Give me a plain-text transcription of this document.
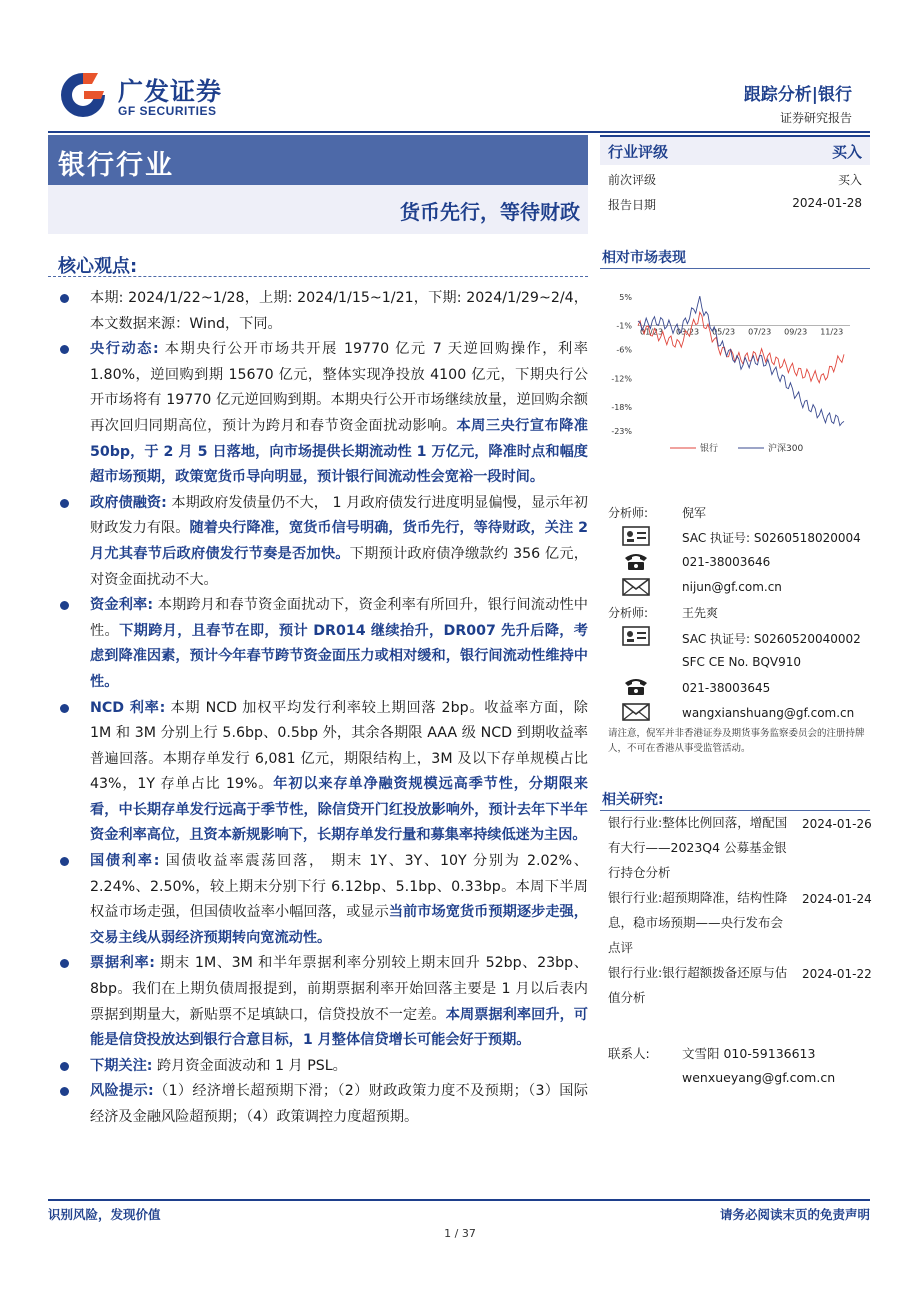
广发证券
GF SECURITIES
跟踪分析|银行
证券研究报告
银行行业
货币先行，等待财政
核心观点:
本期: 2024/1/22~1/28，上期: 2024/1/15~1/21，下期: 2024/1/29~2/4，本文数据来源：Wind，下同。
央行动态: 本期央行公开市场共开展 19770 亿元 7 天逆回购操作，利率 1.80%，逆回购到期 15670 亿元，整体实现净投放 4100 亿元，下期央行公开市场将有 19770 亿元逆回购到期。本期央行公开市场继续放量，逆回购余额再次回归同期高位，预计为跨月和春节资金面扰动影响。本周三央行宣布降准 50bp，于 2 月 5 日落地，向市场提供长期流动性 1 万亿元，降准时点和幅度超市场预期，政策宽货币导向明显，预计银行间流动性会宽裕一段时间。
政府债融资: 本期政府发债量仍不大， 1 月政府债发行进度明显偏慢，显示年初财政发力有限。随着央行降准，宽货币信号明确，货币先行，等待财政，关注 2 月尤其春节后政府债发行节奏是否加快。下期预计政府债净缴款约 356 亿元，对资金面扰动不大。
资金利率: 本期跨月和春节资金面扰动下，资金利率有所回升，银行间流动性中性。下期跨月，且春节在即，预计 DR014 继续抬升，DR007 先升后降，考虑到降准因素，预计今年春节跨节资金面压力或相对缓和，银行间流动性维持中性。
NCD 利率: 本期 NCD 加权平均发行利率较上期回落 2bp。收益率方面，除 1M 和 3M 分别上行 5.6bp、0.5bp 外，其余各期限 AAA 级 NCD 到期收益率普遍回落。本期存单发行 6,081 亿元，期限结构上，3M 及以下存单规模占比 43%，1Y 存单占比 19%。年初以来存单净融资规模远高季节性，分期限来看，中长期存单发行远高于季节性，除信贷开门红投放影响外，预计去年下半年资金利率高位，且资本新规影响下，长期存单发行量和募集率持续低迷为主因。
国债利率: 国债收益率震荡回落， 期末 1Y、3Y、10Y 分别为 2.02%、2.24%、2.50%，较上期末分别下行 6.12bp、5.1bp、0.33bp。本周下半周权益市场走强，但国债收益率小幅回落，或显示当前市场宽货币预期逐步走强，交易主线从弱经济预期转向宽流动性。
票据利率: 期末 1M、3M 和半年票据利率分别较上期末回升 52bp、23bp、8bp。我们在上期负债周报提到，前期票据利率开始回落主要是 1 月以后表内票据到期量大，新贴票不足填缺口，信贷投放不一定差。本周票据利率回升，可能是信贷投放达到银行合意目标，1 月整体信贷增长可能会好于预期。
下期关注: 跨月资金面波动和 1 月 PSL。
风险提示:（1）经济增长超预期下滑；（2）财政政策力度不及预期；（3）国际经济及金融风险超预期；（4）政策调控力度超预期。
行业评级	买入
前次评级	买入
报告日期	2024-01-28
相对市场表现
5%
-1%
-6%
-12%
-18%
-23%
01/23 03/23 05/23 07/23 09/23 11/23
银行	沪深300
分析师:	倪军
SAC 执证号: S0260518020004
021-38003646
nijun@gf.com.cn
分析师:	王先爽
SAC 执证号: S0260520040002
SFC CE No. BQV910
021-38003645
wangxianshuang@gf.com.cn
请注意，倪军并非香港证券及期货事务监察委员会的注册持牌人，不可在香港从事受监管活动。
相关研究:
银行行业:整体比例回落，增配国有大行——2023Q4 公募基金银行持仓分析
2024-01-26
银行行业:超预期降准，结构性降息，稳市场预期——央行发布会点评
2024-01-24
银行行业:银行超额拨备还原与估值分析
2024-01-22
联系人:	文雪阳 010-59136613
wenxueyang@gf.com.cn
识别风险，发现价值	请务必阅读末页的免责声明
1 / 37
